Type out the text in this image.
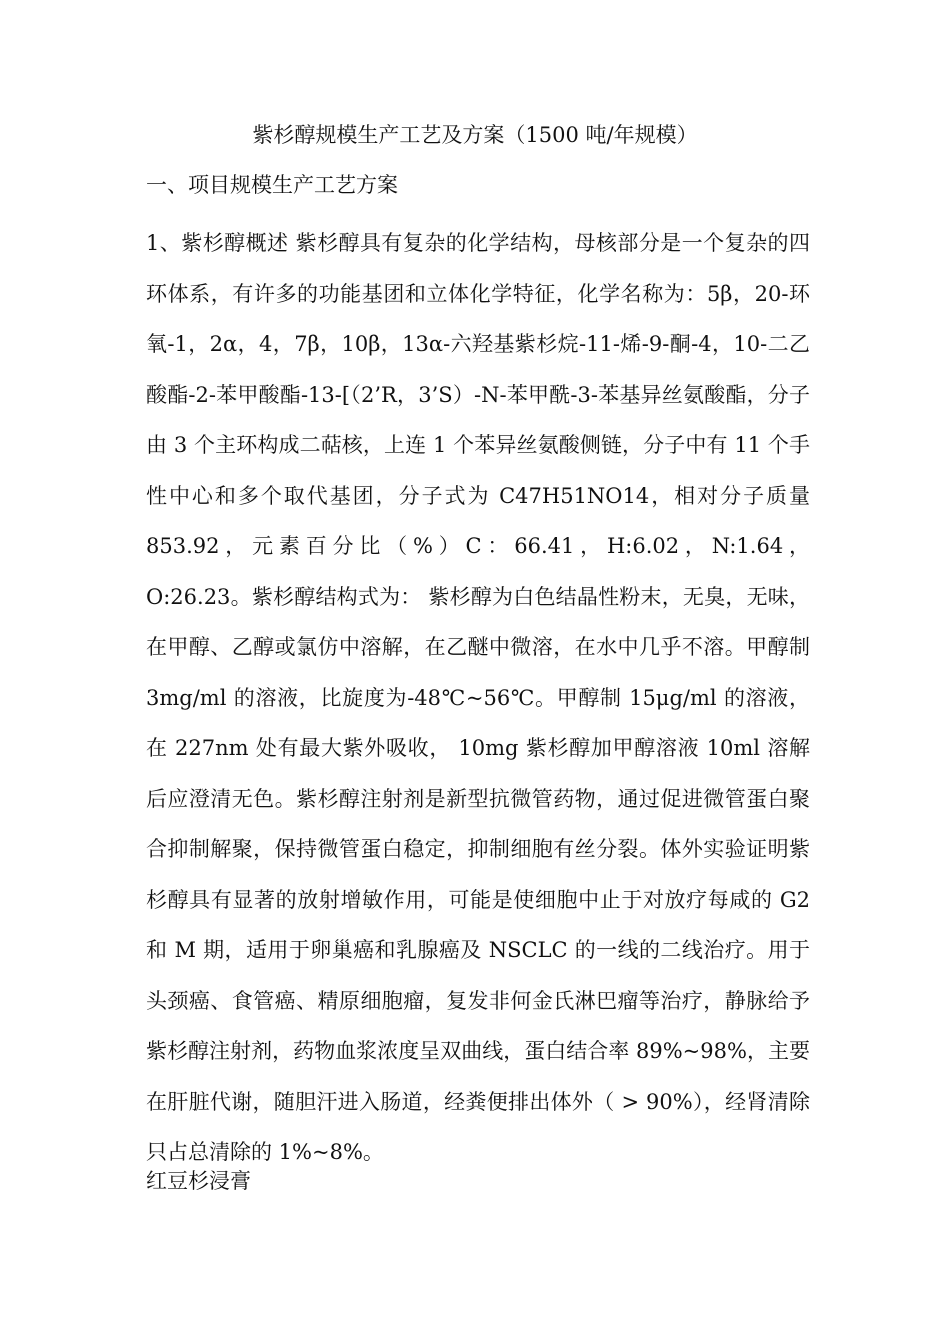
紫杉醇规模生产工艺及方案（1500 吨/年规模）
一、项目规模生产工艺方案
1、紫杉醇概述 紫杉醇具有复杂的化学结构，母核部分是一个复杂的四环体系，有许多的功能基团和立体化学特征，化学名称为：5β，20-环氧-1，2α，4，7β，10β，13α-六羟基紫杉烷-11-烯-9-酮-4，10-二乙酸酯-2-苯甲酸酯-13-[（2’R，3’S）-N-苯甲酰-3-苯基异丝氨酸酯，分子由 3 个主环构成二萜核，上连 1 个苯异丝氨酸侧链，分子中有 11 个手性中心和多个取代基团，分子式为 C47H51NO14，相对分子质量 853.92，元素百分比（%）C：66.41，H:6.02，N:1.64，O:26.23。紫杉醇结构式为： 紫杉醇为白色结晶性粉末，无臭，无味，在甲醇、乙醇或氯仿中溶解，在乙醚中微溶，在水中几乎不溶。甲醇制 3mg/ml 的溶液，比旋度为-48℃~56℃。甲醇制 15μg/ml 的溶液，在 227nm 处有最大紫外吸收， 10mg 紫杉醇加甲醇溶液 10ml 溶解后应澄清无色。紫杉醇注射剂是新型抗微管药物，通过促进微管蛋白聚合抑制解聚，保持微管蛋白稳定，抑制细胞有丝分裂。体外实验证明紫杉醇具有显著的放射增敏作用，可能是使细胞中止于对放疗每咸的 G2 和 M 期，适用于卵巢癌和乳腺癌及 NSCLC 的一线的二线治疗。用于头颈癌、食管癌、精原细胞瘤，复发非何金氏淋巴瘤等治疗，静脉给予紫杉醇注射剂，药物血浆浓度呈双曲线，蛋白结合率 89%~98%，主要在肝脏代谢，随胆汗进入肠道，经粪便排出体外（ > 90%），经肾清除只占总清除的 1%~8%。
红豆杉浸膏
